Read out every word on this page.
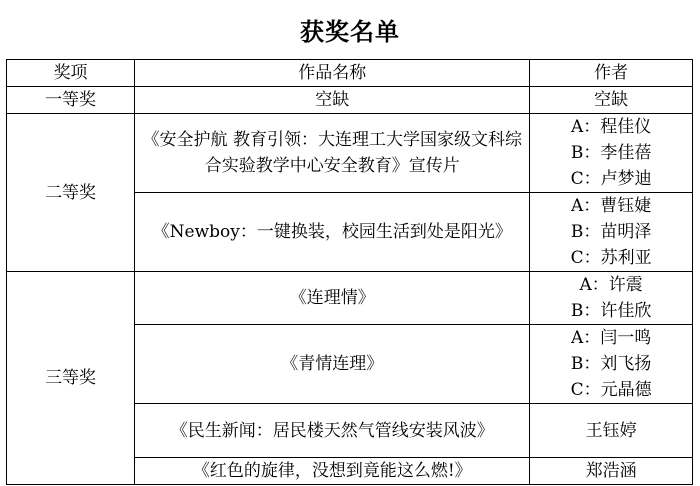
获奖名单
奖项	作品名称	作者
一等奖	空缺	空缺
二等奖	《安全护航 教育引领：大连理工大学国家级文科综合实验教学中心安全教育》宣传片	A：程佳仪
B：李佳蓓
C：卢梦迪

	《Newboy：一键换装，校园生活到处是阳光》	A：曹钰婕
B：苗明泽
C：苏利亚

三等奖	《连理情》	A：许震
B：许佳欣

	《青情连理》	A：闫一鸣
B：刘飞扬
C：元晶德

	《民生新闻：居民楼天然气管线安装风波》	王钰婷
	《红色的旋律，没想到竟能这么燃!》	郑浩涵
